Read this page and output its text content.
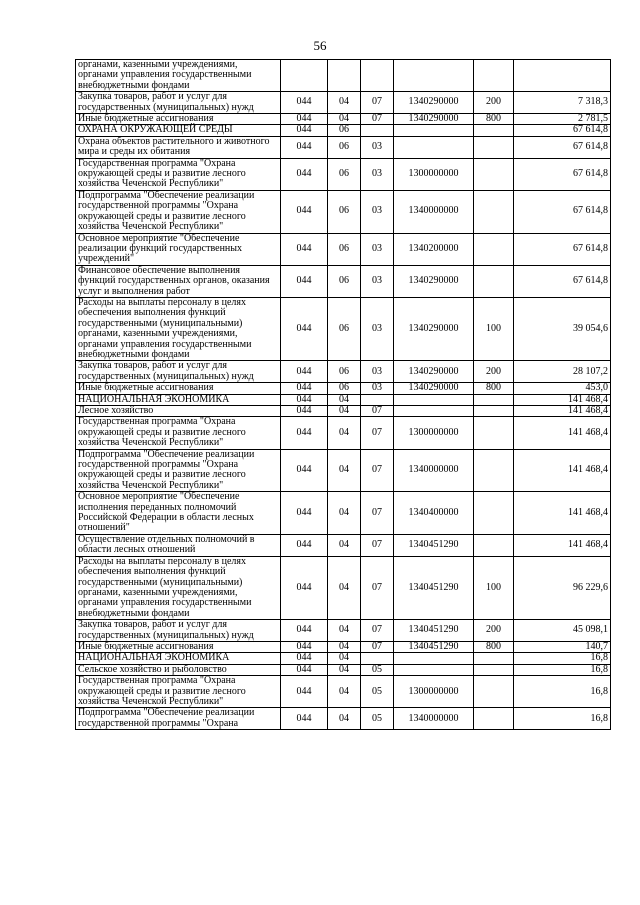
56
органами, казенными учреждениями, органами управления государственными внебюджетными фондами						
Закупка товаров, работ и услуг для государственных (муниципальных) нужд	044	04	07	1340290000	200	7 318,3
Иные бюджетные ассигнования	044	04	07	1340290000	800	2 781,5
ОХРАНА ОКРУЖАЮЩЕЙ СРЕДЫ	044	06				67 614,8
Охрана объектов растительного и животного мира и среды их обитания	044	06	03			67 614,8
Государственная программа "Охрана окружающей среды и развитие лесного хозяйства Чеченской Республики"	044	06	03	1300000000		67 614,8
Подпрограмма "Обеспечение реализации государственной программы "Охрана окружающей среды и развитие лесного хозяйства Чеченской Республики"	044	06	03	1340000000		67 614,8
Основное мероприятие "Обеспечение реализации функций государственных учреждений"	044	06	03	1340200000		67 614,8
Финансовое обеспечение выполнения функций государственных органов, оказания услуг и выполнения работ	044	06	03	1340290000		67 614,8
Расходы на выплаты персоналу в целях обеспечения выполнения функций государственными (муниципальными) органами, казенными учреждениями, органами управления государственными внебюджетными фондами	044	06	03	1340290000	100	39 054,6
Закупка товаров, работ и услуг для государственных (муниципальных) нужд	044	06	03	1340290000	200	28 107,2
Иные бюджетные ассигнования	044	06	03	1340290000	800	453,0
НАЦИОНАЛЬНАЯ ЭКОНОМИКА	044	04				141 468,4
Лесное хозяйство	044	04	07			141 468,4
Государственная программа "Охрана окружающей среды и развитие лесного хозяйства Чеченской Республики"	044	04	07	1300000000		141 468,4
Подпрограмма "Обеспечение реализации государственной программы "Охрана окружающей среды и развитие лесного хозяйства Чеченской Республики"	044	04	07	1340000000		141 468,4
Основное мероприятие "Обеспечение исполнения переданных полномочий Российской Федерации в области лесных отношений"	044	04	07	1340400000		141 468,4
Осуществление отдельных полномочий в области лесных отношений	044	04	07	1340451290		141 468,4
Расходы на выплаты персоналу в целях обеспечения выполнения функций государственными (муниципальными) органами, казенными учреждениями, органами управления государственными внебюджетными фондами	044	04	07	1340451290	100	96 229,6
Закупка товаров, работ и услуг для государственных (муниципальных) нужд	044	04	07	1340451290	200	45 098,1
Иные бюджетные ассигнования	044	04	07	1340451290	800	140,7
НАЦИОНАЛЬНАЯ ЭКОНОМИКА	044	04				16,8
Сельское хозяйство и рыболовство	044	04	05			16,8
Государственная программа "Охрана окружающей среды и развитие лесного хозяйства Чеченской Республики"	044	04	05	1300000000		16,8
Подпрограмма "Обеспечение реализации государственной программы "Охрана	044	04	05	1340000000		16,8
